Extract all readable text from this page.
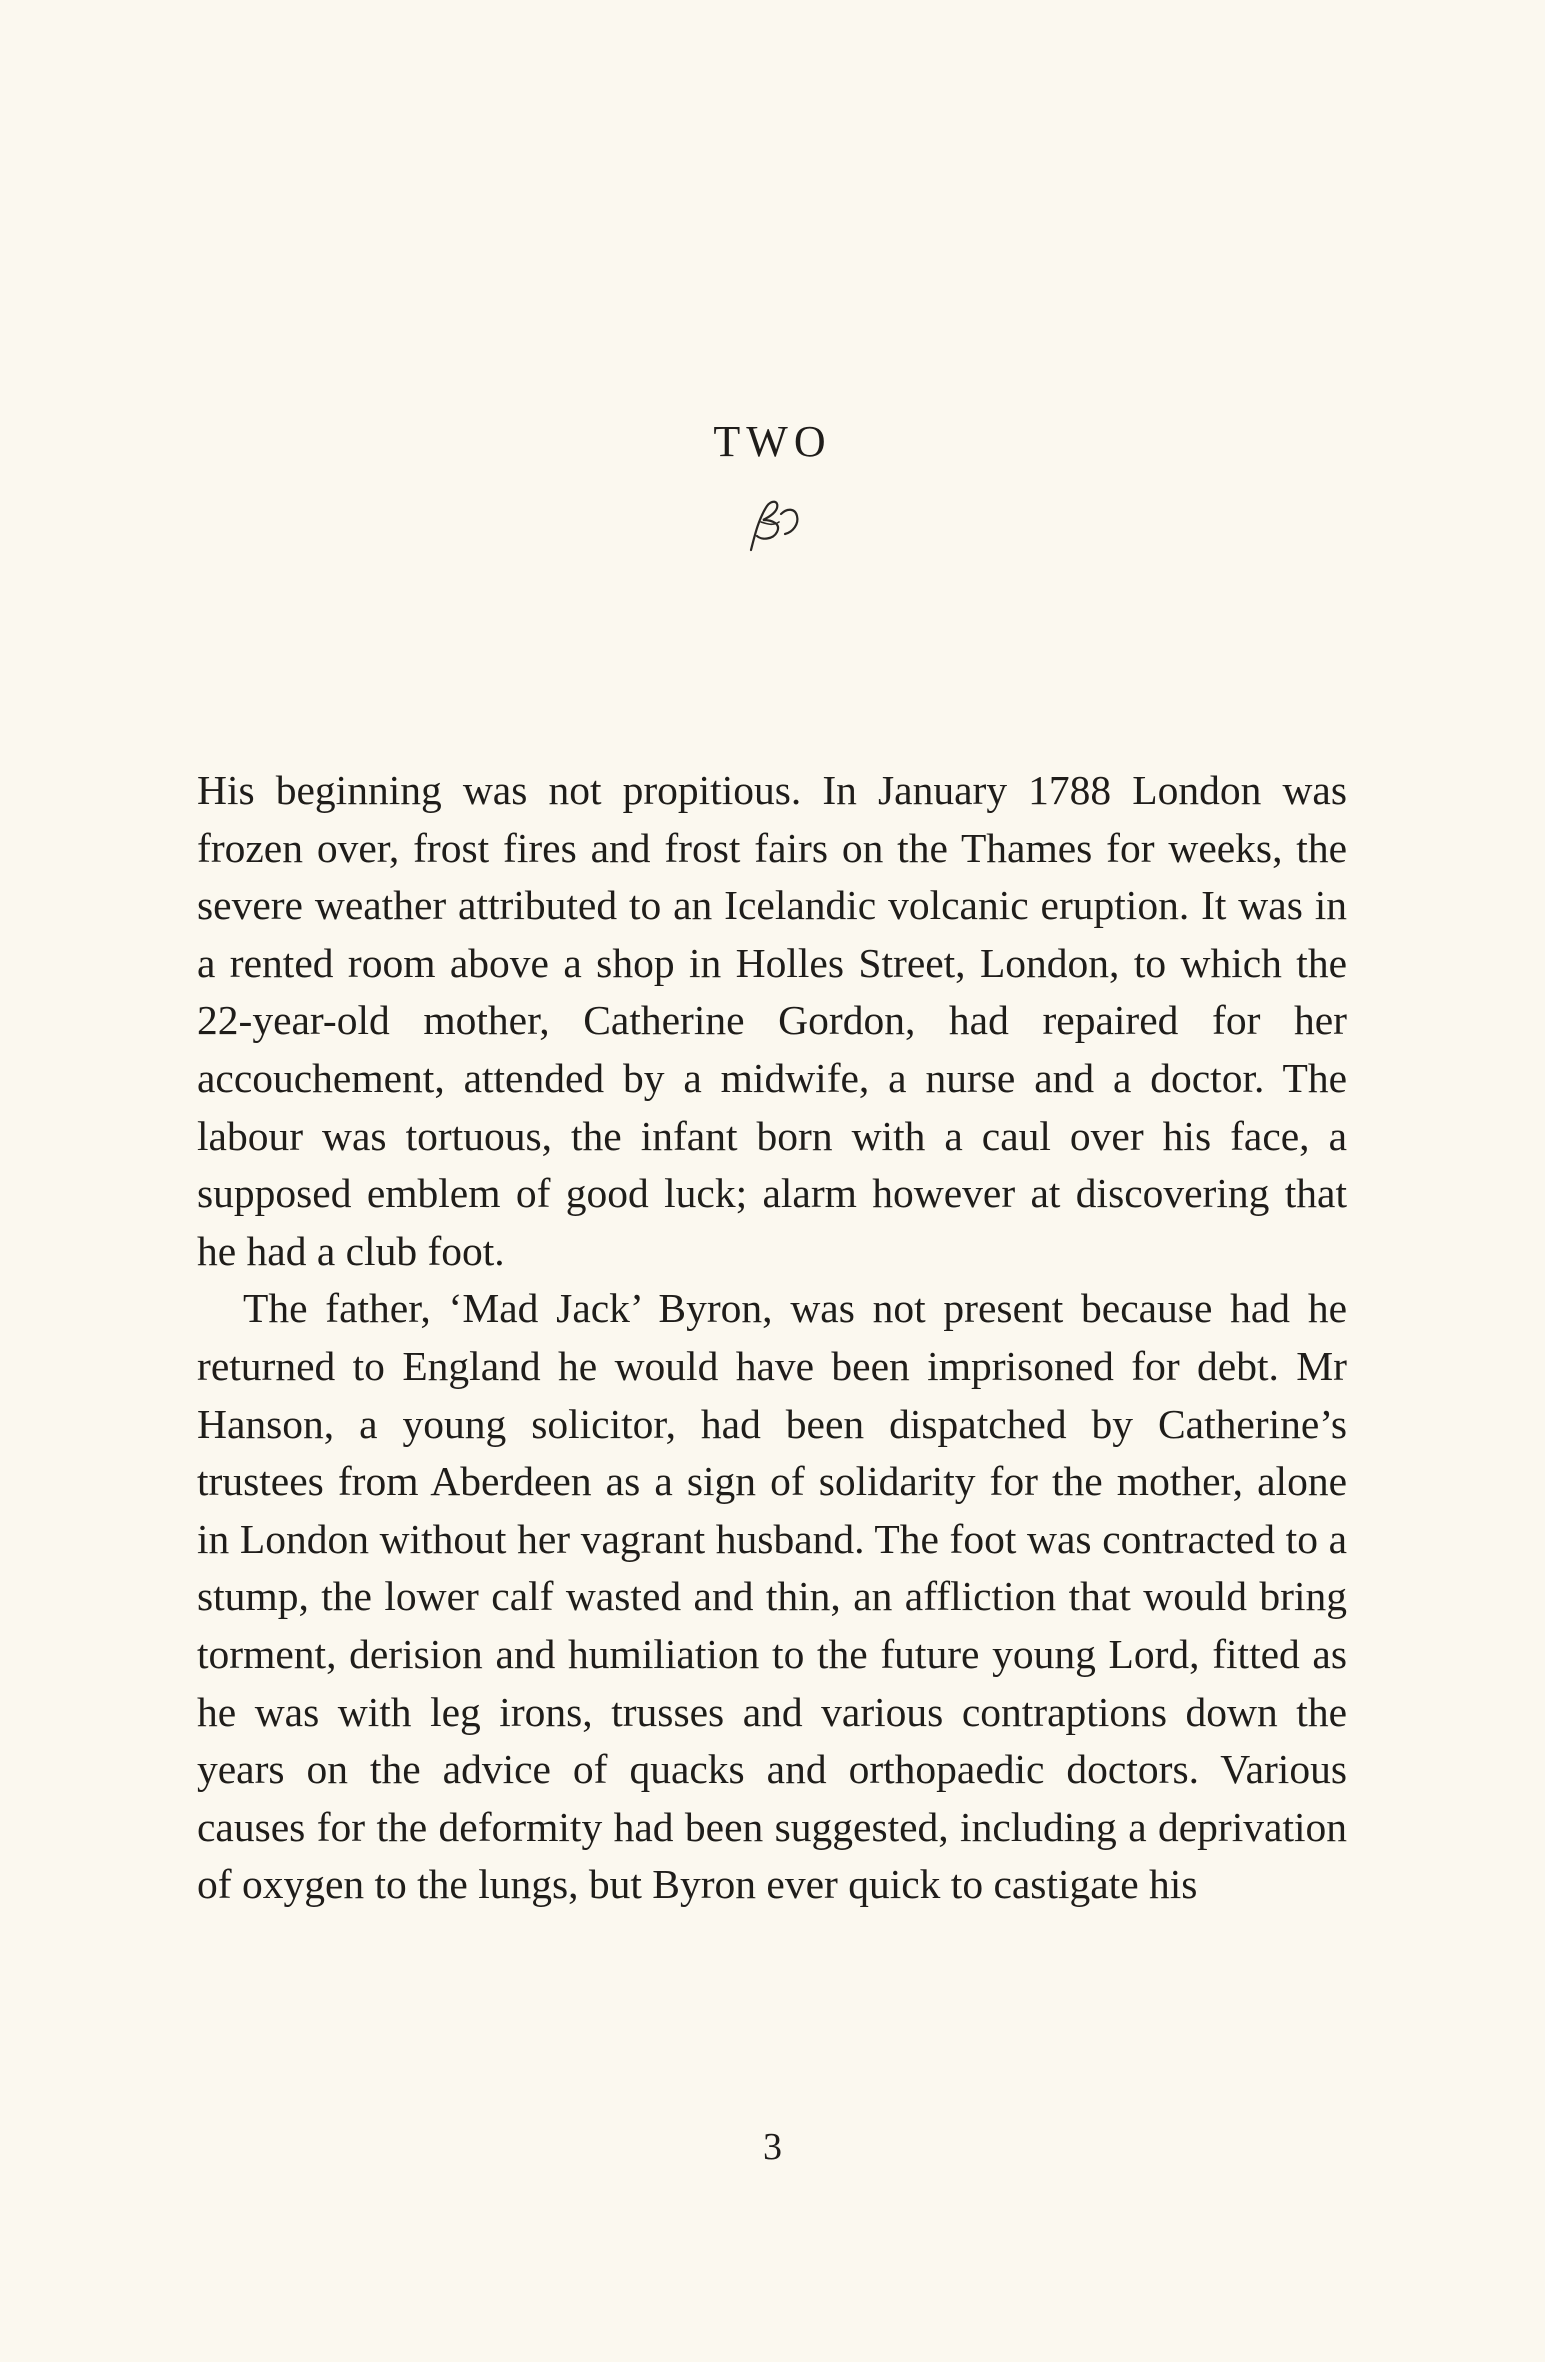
TWO

His beginning was not propitious. In January 1788 London was frozen over, frost fires and frost fairs on the Thames for weeks, the severe weather attributed to an Icelandic volcanic eruption. It was in a rented room above a shop in Holles Street, London, to which the 22-year-old mother, Catherine Gordon, had repaired for her accouchement, attended by a midwife, a nurse and a doctor. The labour was tortuous, the infant born with a caul over his face, a supposed emblem of good luck; alarm however at discovering that he had a club foot.

The father, ‘Mad Jack’ Byron, was not present because had he returned to England he would have been imprisoned for debt. Mr Hanson, a young solicitor, had been dispatched by Catherine’s trustees from Aberdeen as a sign of solidarity for the mother, alone in London without her vagrant husband. The foot was contracted to a stump, the lower calf wasted and thin, an affliction that would bring torment, derision and humiliation to the future young Lord, fitted as he was with leg irons, trusses and various contraptions down the years on the advice of quacks and orthopaedic doctors. Various causes for the deformity had been suggested, including a deprivation of oxygen to the lungs, but Byron ever quick to castigate his

3
